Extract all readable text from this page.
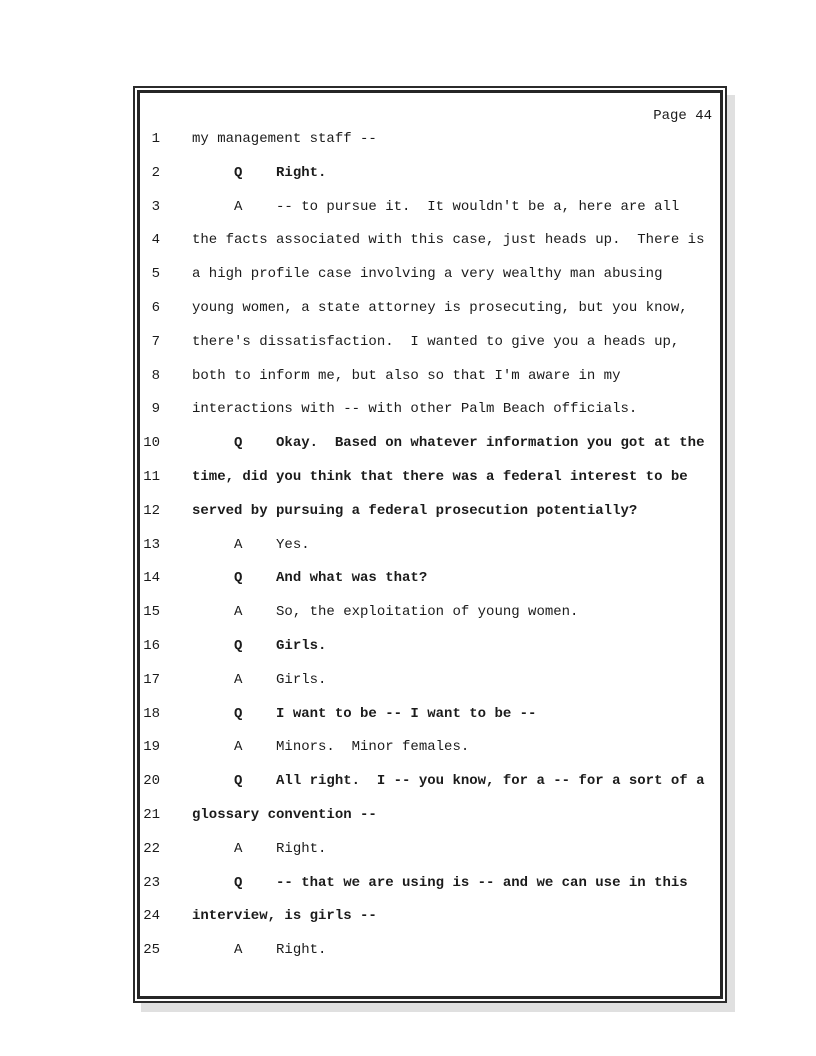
Page 44
1 my management staff --
2 Q    Right.
3 A    -- to pursue it.  It wouldn't be a, here are all
4 the facts associated with this case, just heads up.  There is
5 a high profile case involving a very wealthy man abusing
6 young women, a state attorney is prosecuting, but you know,
7 there's dissatisfaction.  I wanted to give you a heads up,
8 both to inform me, but also so that I'm aware in my
9 interactions with -- with other Palm Beach officials.
10 Q    Okay.  Based on whatever information you got at the
11 time, did you think that there was a federal interest to be
12 served by pursuing a federal prosecution potentially?
13 A    Yes.
14 Q    And what was that?
15 A    So, the exploitation of young women.
16 Q    Girls.
17 A    Girls.
18 Q    I want to be -- I want to be --
19 A    Minors.  Minor females.
20 Q    All right.  I -- you know, for a -- for a sort of a
21 glossary convention --
22 A    Right.
23 Q    -- that we are using is -- and we can use in this
24 interview, is girls --
25 A    Right.
